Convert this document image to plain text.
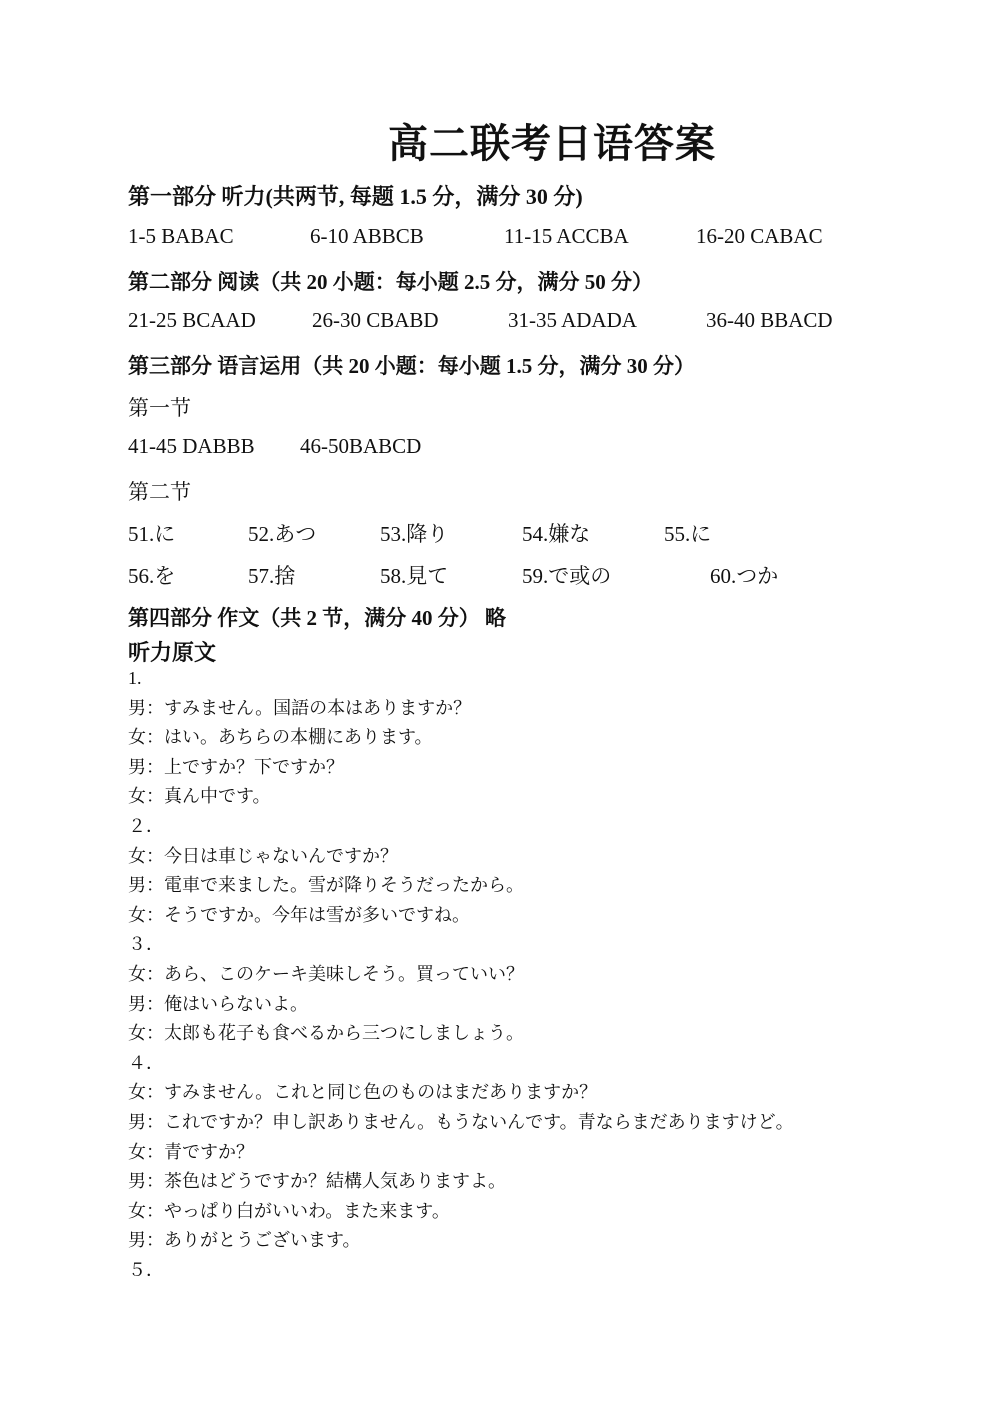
高二联考日语答案
第一部分 听力(共两节, 每题 1.5 分，满分 30 分)
1-5 BABAC	6-10 ABBCB	11-15 ACCBA	16-20 CABAC
第二部分 阅读（共 20 小题：每小题 2.5 分，满分 50 分）
21-25 BCAAD	26-30 CBABD	31-35 ADADA	36-40 BBACD
第三部分 语言运用（共 20 小题：每小题 1.5 分，满分 30 分）
第一节
41-45 DABBB 46-50BABCD
第二节
51.に	52.あつ	53.降り	54.嫌な	55.に
56.を	57.捨	58.見て	59.で或の	60.つか
第四部分 作文（共 2 节，满分 40 分） 略
听力原文
1.
男：すみません。国語の本はありますか？
女：はい。あちらの本棚にあります。
男：上ですか？下ですか？
女：真ん中です。
２．
女：今日は車じゃないんですか？
男：電車で来ました。雪が降りそうだったから。
女：そうですか。今年は雪が多いですね。
３．
女：あら、このケーキ美味しそう。買っていい？
男：俺はいらないよ。
女：太郎も花子も食べるから三つにしましょう。
４．
女：すみません。これと同じ色のものはまだありますか？
男：これですか？申し訳ありません。もうないんです。青ならまだありますけど。
女：青ですか？
男：茶色はどうですか？結構人気ありますよ。
女：やっぱり白がいいわ。また来ます。
男：ありがとうございます。
５．
